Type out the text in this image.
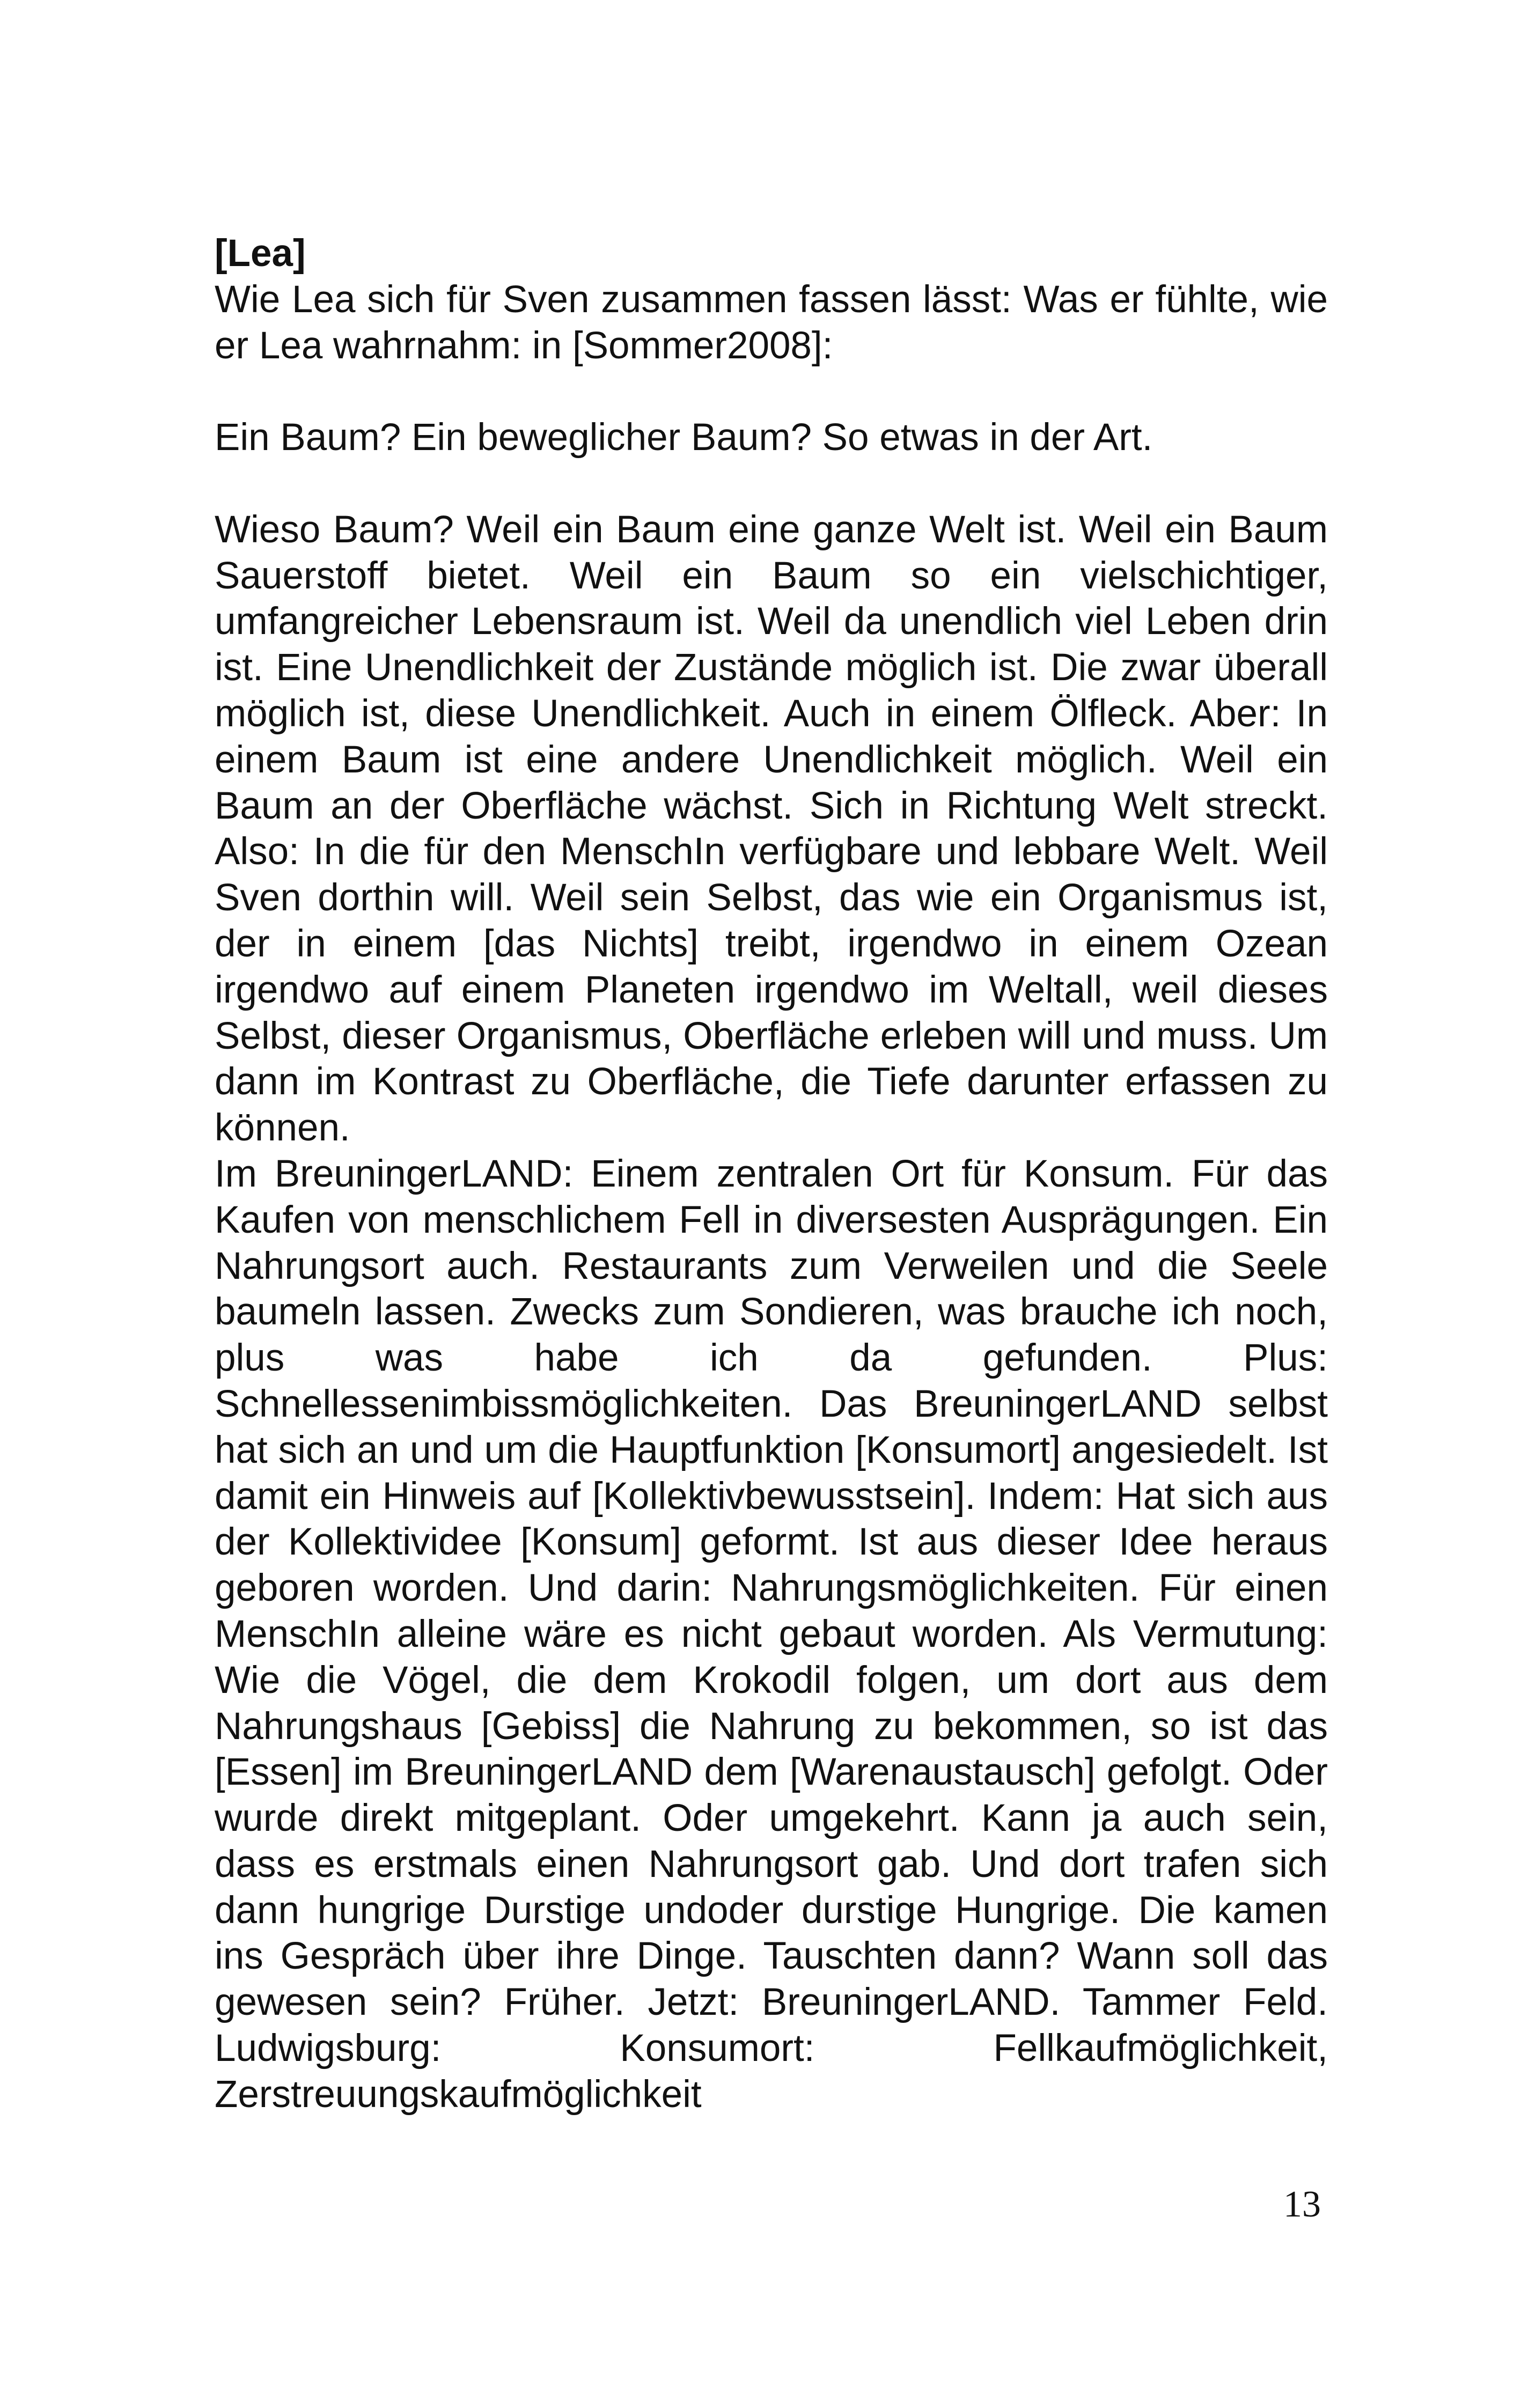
[Lea]

Wie Lea sich für Sven zusammen fassen lässt: Was er fühlte, wie er Lea wahrnahm: in [Sommer2008]:

Ein Baum? Ein beweglicher Baum? So etwas in der Art.

Wieso Baum? Weil ein Baum eine ganze Welt ist. Weil ein Baum Sauerstoff bietet. Weil ein Baum so ein vielschichtiger, umfangreicher Lebensraum ist. Weil da unendlich viel Leben drin ist. Eine Unendlichkeit der Zustände möglich ist. Die zwar überall möglich ist, diese Unendlichkeit. Auch in einem Ölfleck. Aber: In einem Baum ist eine andere Unendlichkeit möglich. Weil ein Baum an der Oberfläche wächst. Sich in Richtung Welt streckt. Also: In die für den MenschIn verfügbare und lebbare Welt. Weil Sven dorthin will. Weil sein Selbst, das wie ein Organismus ist, der in einem [das Nichts] treibt, irgendwo in einem Ozean irgendwo auf einem Planeten irgendwo im Weltall, weil dieses Selbst, dieser Organismus, Oberfläche erleben will und muss. Um dann im Kontrast zu Oberfläche, die Tiefe darunter erfassen zu können.

Im BreuningerLAND: Einem zentralen Ort für Konsum. Für das Kaufen von menschlichem Fell in diversesten Ausprägungen. Ein Nahrungsort auch. Restaurants zum Verweilen und die Seele baumeln lassen. Zwecks zum Sondieren, was brauche ich noch, plus was habe ich da gefunden. Plus: Schnellessenimbissmöglichkeiten. Das BreuningerLAND selbst hat sich an und um die Hauptfunktion [Konsumort] angesiedelt. Ist damit ein Hinweis auf [Kollektivbewusstsein]. Indem: Hat sich aus der Kollektividee [Konsum] geformt. Ist aus dieser Idee heraus geboren worden. Und darin: Nahrungsmöglichkeiten. Für einen MenschIn alleine wäre es nicht gebaut worden. Als Vermutung: Wie die Vögel, die dem Krokodil folgen, um dort aus dem Nahrungshaus [Gebiss] die Nahrung zu bekommen, so ist das [Essen] im BreuningerLAND dem [Warenaustausch] gefolgt. Oder wurde direkt mitgeplant. Oder umgekehrt. Kann ja auch sein, dass es erstmals einen Nahrungsort gab. Und dort trafen sich dann hungrige Durstige undoder durstige Hungrige. Die kamen ins Gespräch über ihre Dinge. Tauschten dann? Wann soll das gewesen sein? Früher. Jetzt: BreuningerLAND. Tammer Feld. Ludwigsburg: Konsumort: Fellkaufmöglichkeit, Zerstreuungskaufmöglichkeit

13
